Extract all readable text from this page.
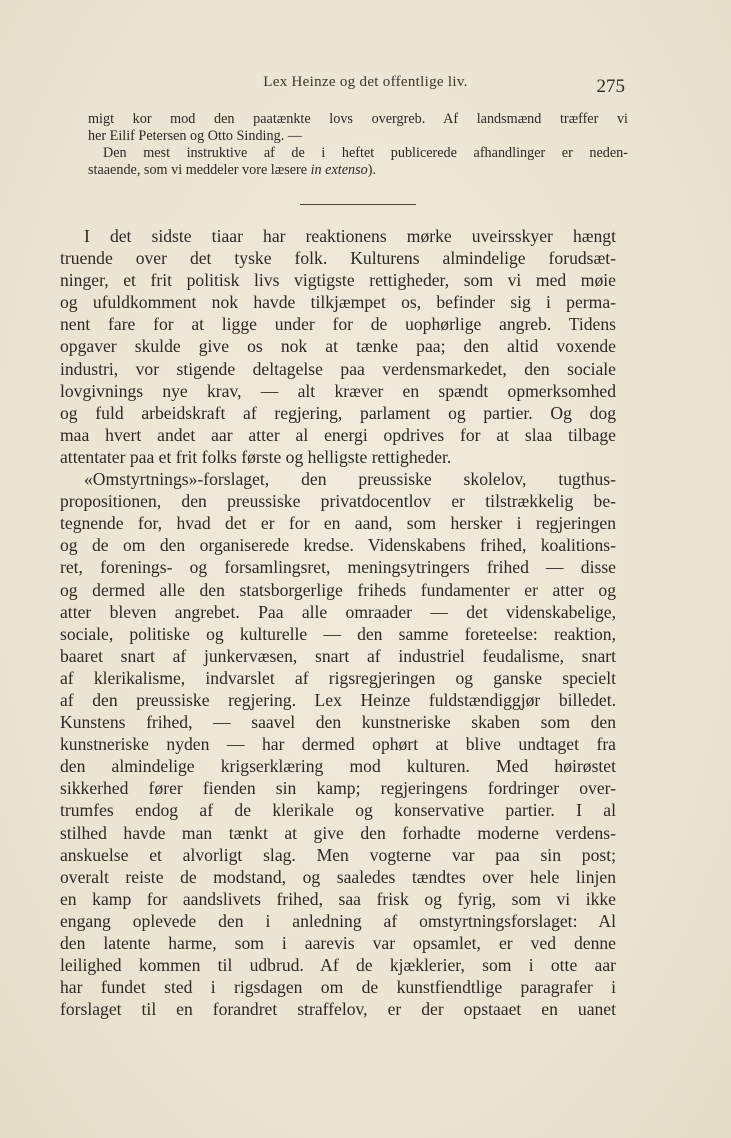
Lex Heinze og det offentlige liv.	275
migt kor mod den paatænkte lovs overgreb. Af landsmænd træffer vi
her Eilif Petersen og Otto Sinding. —
Den mest instruktive af de i heftet publicerede afhandlinger er neden-
staaende, som vi meddeler vore læsere in extenso).
I det sidste tiaar har reaktionens mørke uveirsskyer hængt
truende over det tyske folk. Kulturens almindelige forudsæt-
ninger, et frit politisk livs vigtigste rettigheder, som vi med møie
og ufuldkomment nok havde tilkjæmpet os, befinder sig i perma-
nent fare for at ligge under for de uophørlige angreb. Tidens
opgaver skulde give os nok at tænke paa; den altid voxende
industri, vor stigende deltagelse paa verdensmarkedet, den sociale
lovgivnings nye krav, — alt kræver en spændt opmerksomhed
og fuld arbeidskraft af regjering, parlament og partier. Og dog
maa hvert andet aar atter al energi opdrives for at slaa tilbage
attentater paa et frit folks første og helligste rettigheder.
«Omstyrtnings»-forslaget, den preussiske skolelov, tugthus-
propositionen, den preussiske privatdocentlov er tilstrækkelig be-
tegnende for, hvad det er for en aand, som hersker i regjeringen
og de om den organiserede kredse. Videnskabens frihed, koalitions-
ret, forenings- og forsamlingsret, meningsytringers frihed — disse
og dermed alle den statsborgerlige friheds fundamenter er atter og
atter bleven angrebet. Paa alle omraader — det videnskabelige,
sociale, politiske og kulturelle — den samme foreteelse: reaktion,
baaret snart af junkervæsen, snart af industriel feudalisme, snart
af klerikalisme, indvarslet af rigsregjeringen og ganske specielt
af den preussiske regjering. Lex Heinze fuldstændiggjør billedet.
Kunstens frihed, — saavel den kunstneriske skaben som den
kunstneriske nyden — har dermed ophørt at blive undtaget fra
den almindelige krigserklæring mod kulturen. Med høirøstet
sikkerhed fører fienden sin kamp; regjeringens fordringer over-
trumfes endog af de klerikale og konservative partier. I al
stilhed havde man tænkt at give den forhadte moderne verdens-
anskuelse et alvorligt slag. Men vogterne var paa sin post;
overalt reiste de modstand, og saaledes tændtes over hele linjen
en kamp for aandslivets frihed, saa frisk og fyrig, som vi ikke
engang oplevede den i anledning af omstyrtningsforslaget: Al
den latente harme, som i aarevis var opsamlet, er ved denne
leilighed kommen til udbrud. Af de kjæklerier, som i otte aar
har fundet sted i rigsdagen om de kunstfiendtlige paragrafer i
forslaget til en forandret straffelov, er der opstaaet en uanet
